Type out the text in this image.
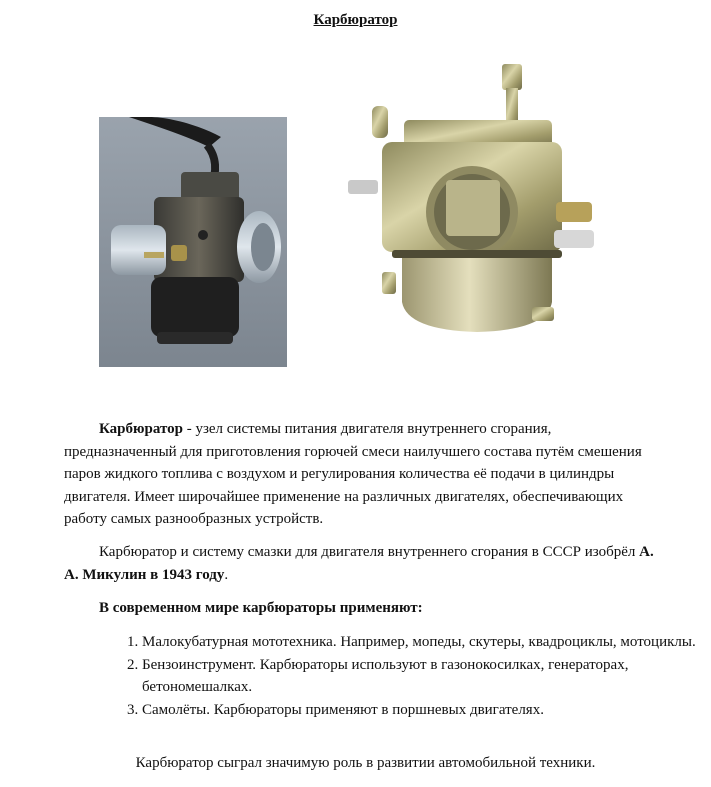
Карбюратор

Карбюратор - узел системы питания двигателя внутреннего сгорания, предназначенный для приготовления горючей смеси наилучшего состава путём смешения паров жидкого топлива с воздухом и регулирования количества её подачи в цилиндры двигателя. Имеет широчайшее применение на различных двигателях, обеспечивающих работу самых разнообразных устройств.

Карбюратор и систему смазки для двигателя внутреннего сгорания в СССР изобрёл А. А. Микулин в 1943 году.

В современном мире карбюраторы применяют:

1. Малокубатурная мототехника. Например, мопеды, скутеры, квадроциклы, мотоциклы.
2. Бензоинструмент. Карбюраторы используют в газонокосилках, генераторах, бетономешалках.
3. Самолёты. Карбюраторы применяют в поршневых двигателях.
Карбюратор сыграл значимую роль в развитии автомобильной техники.
